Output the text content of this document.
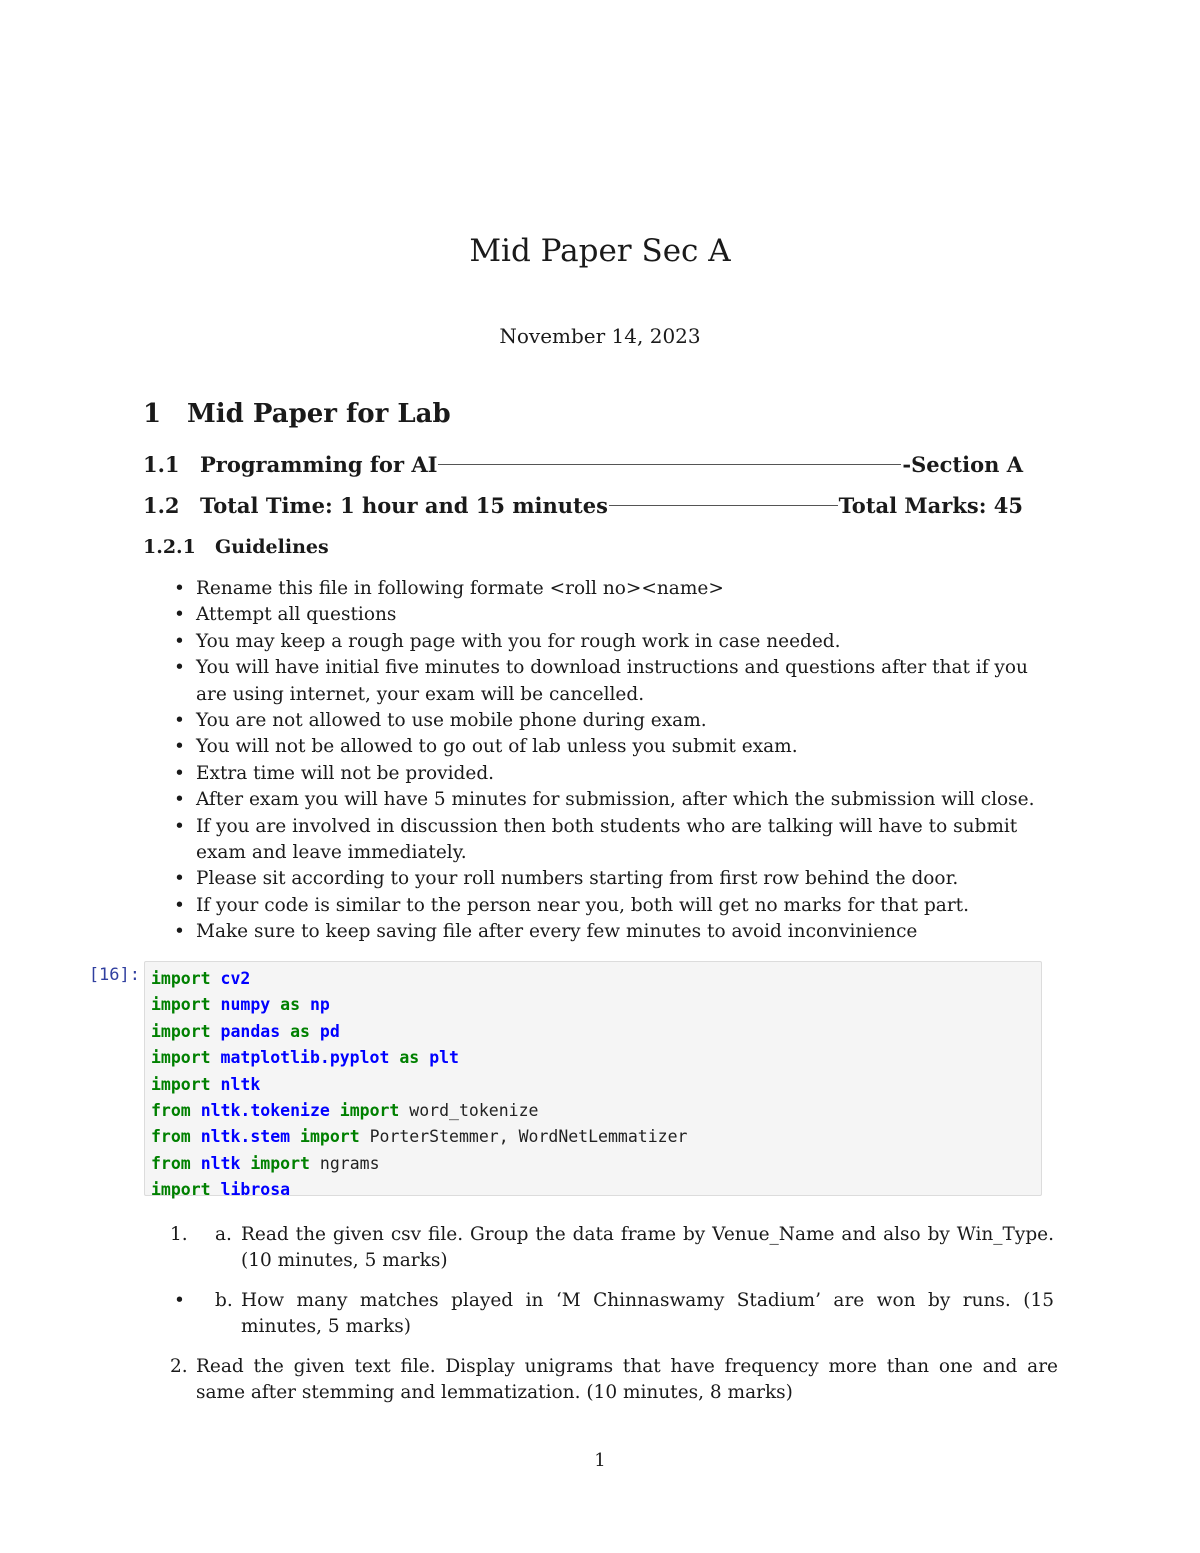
Mid Paper Sec A
November 14, 2023
1 Mid Paper for Lab
1.1 Programming for AI	-Section A
1.2 Total Time: 1 hour and 15 minutes	Total Marks: 45
1.2.1 Guidelines
• Rename this file in following formate <roll no><name>
• Attempt all questions
• You may keep a rough page with you for rough work in case needed.
• You will have initial five minutes to download instructions and questions after that if you are using internet, your exam will be cancelled.
• You are not allowed to use mobile phone during exam.
• You will not be allowed to go out of lab unless you submit exam.
• Extra time will not be provided.
• After exam you will have 5 minutes for submission, after which the submission will close.
• If you are involved in discussion then both students who are talking will have to submit exam and leave immediately.
• Please sit according to your roll numbers starting from first row behind the door.
• If your code is similar to the person near you, both will get no marks for that part.
• Make sure to keep saving file after every few minutes to avoid inconvinience
[16]: import cv2
import numpy as np
import pandas as pd
import matplotlib.pyplot as plt
import nltk
from nltk.tokenize import word_tokenize
from nltk.stem import PorterStemmer, WordNetLemmatizer
from nltk import ngrams
import librosa
1. a. Read the given csv file. Group the data frame by Venue_Name and also by Win_Type.(10 minutes, 5 marks)
• b. How many matches played in ‘M Chinnaswamy Stadium’ are won by runs. (15 minutes, 5 marks)
2. Read the given text file. Display unigrams that have frequency more than one and are same after stemming and lemmatization. (10 minutes, 8 marks)
1
